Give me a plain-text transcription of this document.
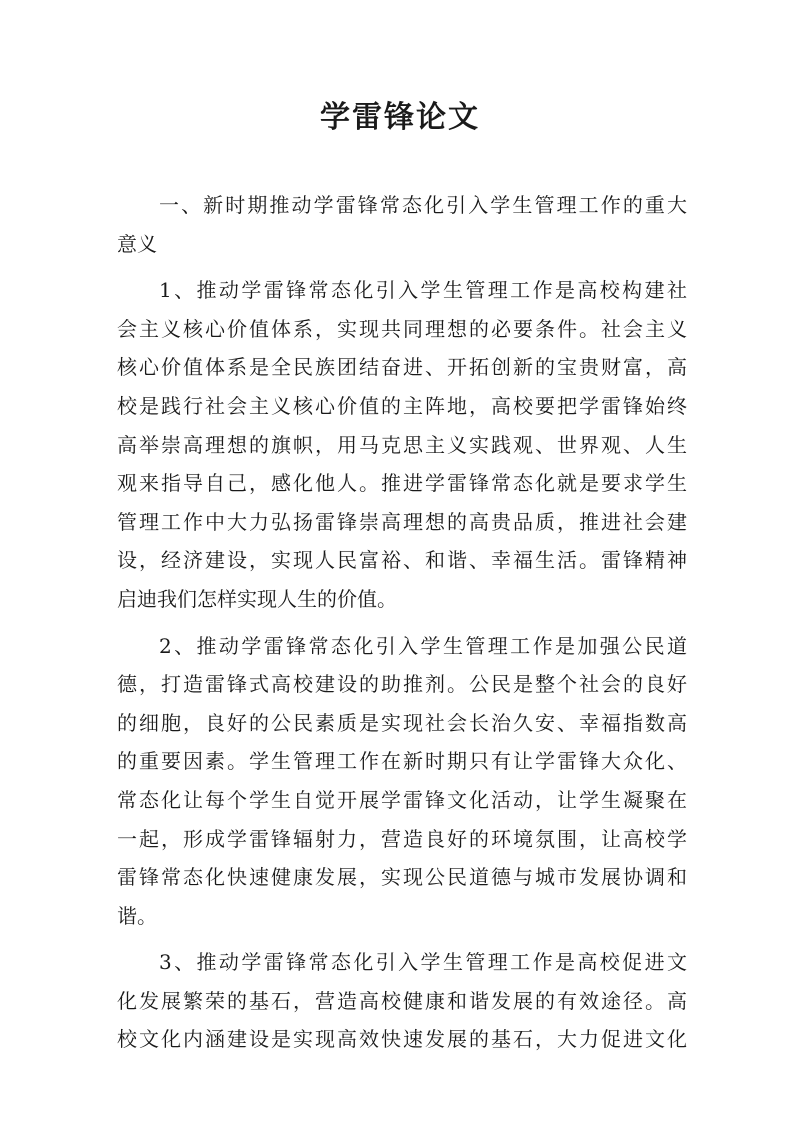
学雷锋论文

一、新时期推动学雷锋常态化引入学生管理工作的重大
意义

1、推动学雷锋常态化引入学生管理工作是高校构建社
会主义核心价值体系，实现共同理想的必要条件。社会主义
核心价值体系是全民族团结奋进、开拓创新的宝贵财富，高
校是践行社会主义核心价值的主阵地，高校要把学雷锋始终
高举崇高理想的旗帜，用马克思主义实践观、世界观、人生
观来指导自己，感化他人。推进学雷锋常态化就是要求学生
管理工作中大力弘扬雷锋崇高理想的高贵品质，推进社会建
设，经济建设，实现人民富裕、和谐、幸福生活。雷锋精神
启迪我们怎样实现人生的价值。

2、推动学雷锋常态化引入学生管理工作是加强公民道
德，打造雷锋式高校建设的助推剂。公民是整个社会的良好
的细胞，良好的公民素质是实现社会长治久安、幸福指数高
的重要因素。学生管理工作在新时期只有让学雷锋大众化、
常态化让每个学生自觉开展学雷锋文化活动，让学生凝聚在
一起，形成学雷锋辐射力，营造良好的环境氛围，让高校学
雷锋常态化快速健康发展，实现公民道德与城市发展协调和
谐。

3、推动学雷锋常态化引入学生管理工作是高校促进文
化发展繁荣的基石，营造高校健康和谐发展的有效途径。高
校文化内涵建设是实现高效快速发展的基石，大力促进文化
